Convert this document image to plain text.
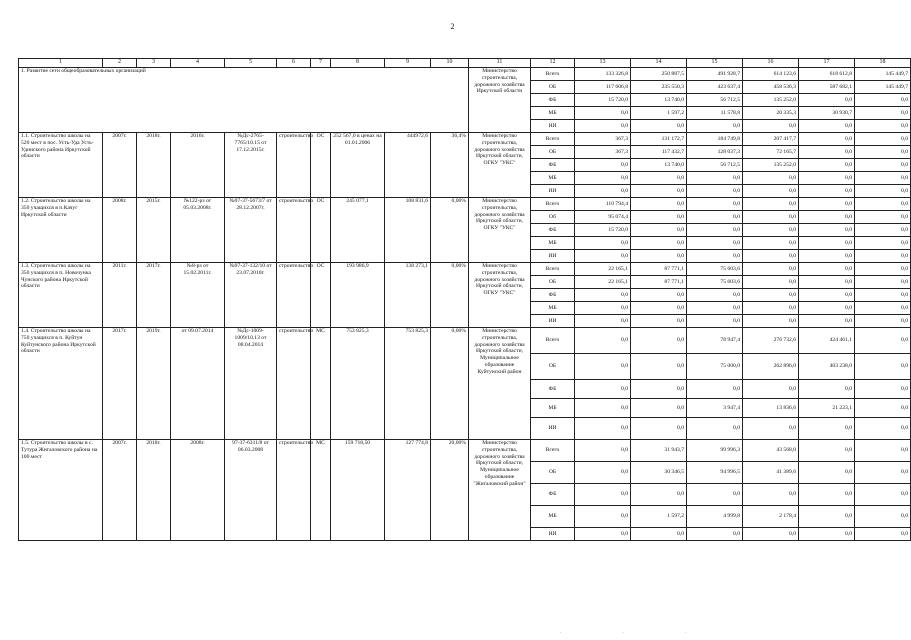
2
1	2	3	4	5	6	7	8	9	10	11	12	13	14	15	16	17	18
1. Развитие сети общеобразовательных организаций										Министерство строительства, дорожного хозяйства Иркутской области	Всего	133 326,8	250 887,5	491 928,7	614 123,6	618 612,8	145 449,7
											ОБ	117 606,8	235 550,3	423 637,4	458 536,3	587 682,1	145 449,7
											ФБ	15 720,0	13 740,0	56 712,5	135 252,0	0,0	0,0
											МБ	0,0	1 597,2	11 578,8	20 335,3	30 930,7	0,0
											ИИ	0,0	0,0	0,0	0,0	0,0	0,0
1.1. Строительство школы на 520 мест в пос. Усть-Уда Усть-Удинского района Иркутской области	2007г.	2018г.	2016г.	№Дс-2765-7765/10.15 от 17.12.2015г.	строительство	ОС	252 567,0 в ценах на 01.01.2006	444972,6	36,4%	Министерство строительства, дорожного хозяйства Иркутской области, ОГКУ "УКС"	Всего	367,3	131 172,7	184 749,8	207 417,7	0,0	0,0
											ОБ	367,3	117 432,7	128 037,3	72 165,7	0,0	0,0
											ФБ	0,0	13 740,0	56 712,5	135 252,0	0,0	0,0
											МБ	0,0	0,0	0,0	0,0	0,0	0,0
											ИИ	0,0	0,0	0,0	0,0	0,0	0,0
1.2. Строительство школы на 350 учащихся в п.Качуг Иркутской области	2008г.	2015г.	№122-рз от 05.03.2008г.	№97-37-5673/7 от 28.12.2007г.	строительство	ОС	245 077,1	108 831,6	0,00%	Министерство строительства, дорожного хозяйства Иркутской области, ОГКУ "УКС"	Всего	110 794,4	0,0	0,0	0,0	0,0	0,0
											Об	95 074,4	0,0	0,0	0,0	0,0	0,0
											ФБ	15 720,0	0,0	0,0	0,0	0,0	0,0
											МБ	0,0	0,0	0,0	0,0	0,0	0,0
											ИИ	0,0	0,0	0,0	0,0	0,0	0,0
1.3. Строительство школы на 350 учащихся в п. Новочунка Чунского района Иркутской области	2011г.	2017г.	№8-рз от 15.02.2011г.	№97-37-132/10 от 23.07.2010г.	строительство	ОС	193 986,9	138 273,1	0,00%	Министерство строительства, дорожного хозяйства Иркутской области, ОГКУ "УКС"	Всего	22 165,1	87 771,1	75 603,6	0,0	0,0	0,0
											ОБ	22 165,1	87 771,1	75 603,6	0,0	0,0	0,0
											ФБ	0,0	0,0	0,0	0,0	0,0	0,0
											МБ	0,0	0,0	0,0	0,0	0,0	0,0
											ИИ	0,0	0,0	0,0	0,0	0,0	0,0
1.4. Строительство школы на 750 учащихся в п. Куйтун Куйтунского района Иркутской области	2017г.	2019г.	от 09.07.2014	№Дс-1009-1009/10.13 от 08.04.2014	строительство	МС	753 825,3	753 825,3	0,00%	Министерство строительства, дорожного хозяйства Иркутской области, Муниципальное образование Куйтунский район	Всего	0,0	0,0	78 947,4	276 732,6	424 461,1	0,0
											ОБ	0,0	0,0	75 000,0	262 896,0	403 238,0	0,0
											ФБ	0,0	0,0	0,0	0,0	0,0	0,0
											МБ	0,0	0,0	3 947,4	13 836,6	21 223,1	0,0
											ИИ	0,0	0,0	0,0	0,0	0,0	0,0
1.5. Строительство школы в с. Тутура Жигаловского района на 100 мест	2007г.	2018г.	2008г.	97-37-6311/8 от 06.03.2008	строительство	МС	159 718,50	127 774,8	20,00%	Министерство строительства, дорожного хозяйства Иркутской области, Муниципальное образование "Жигаловский район"	Всего	0,0	31 943,7	99 996,3	43 568,0	0,0	0,0
											ОБ	0,0	30 346,5	94 996,5	41 389,6	0,0	0,0
											ФБ	0,0	0,0	0,0	0,0	0,0	0,0
											МБ	0,0	1 597,2	4 999,8	2 178,4	0,0	0,0
											ИИ	0,0	0,0	0,0	0,0	0,0	0,0
. . .
